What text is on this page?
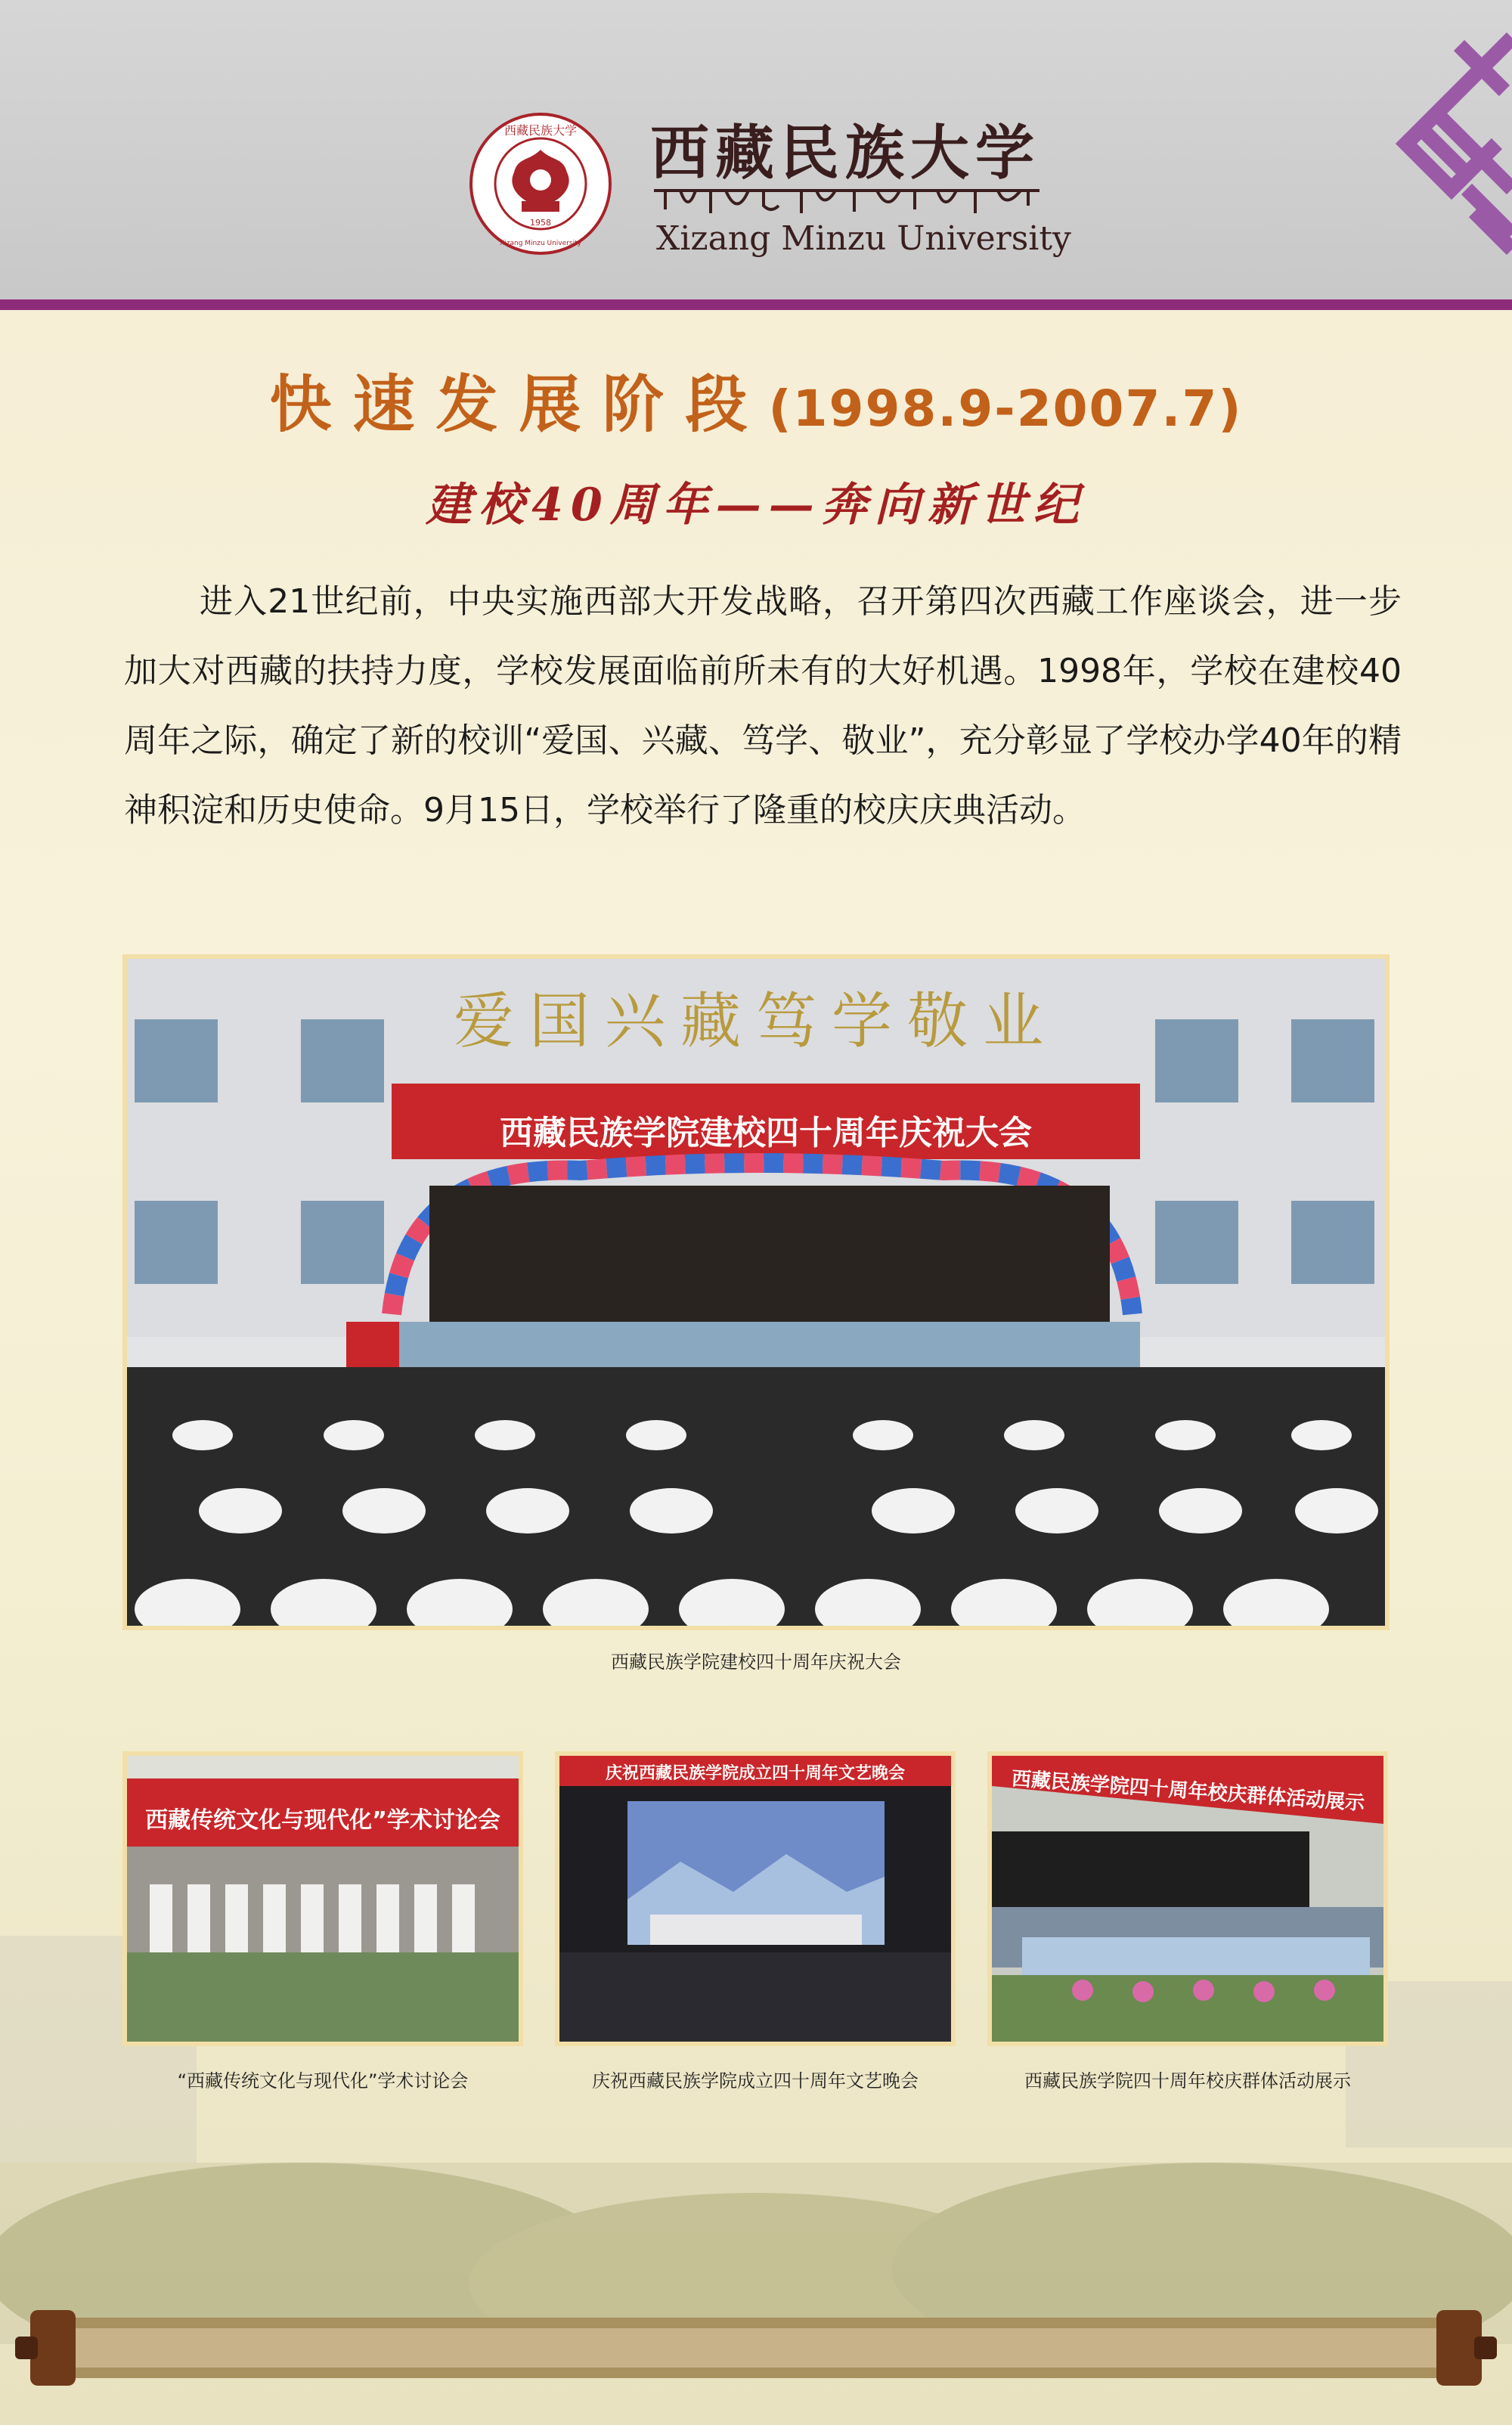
西藏民族大学
1958
Xizang Minzu University
西藏民族大学
Xizang Minzu University
快速发展阶段(1998.9-2007.7)
建校40周年——奔向新世纪
进入21世纪前，中央实施西部大开发战略，召开第四次西藏工作座谈会，进一步加大对西藏的扶持力度，学校发展面临前所未有的大好机遇。1998年，学校在建校40周年之际，确定了新的校训“爱国、兴藏、笃学、敬业”，充分彰显了学校办学40年的精神积淀和历史使命。9月15日，学校举行了隆重的校庆庆典活动。
爱国兴藏笃学敬业
西藏民族学院建校四十周年庆祝大会
西藏民族学院建校四十周年庆祝大会
西藏传统文化与现代化”学术讨论会
“西藏传统文化与现代化”学术讨论会
庆祝西藏民族学院成立四十周年文艺晚会
庆祝西藏民族学院成立四十周年文艺晚会
西藏民族学院四十周年校庆群体活动展示
西藏民族学院四十周年校庆群体活动展示
